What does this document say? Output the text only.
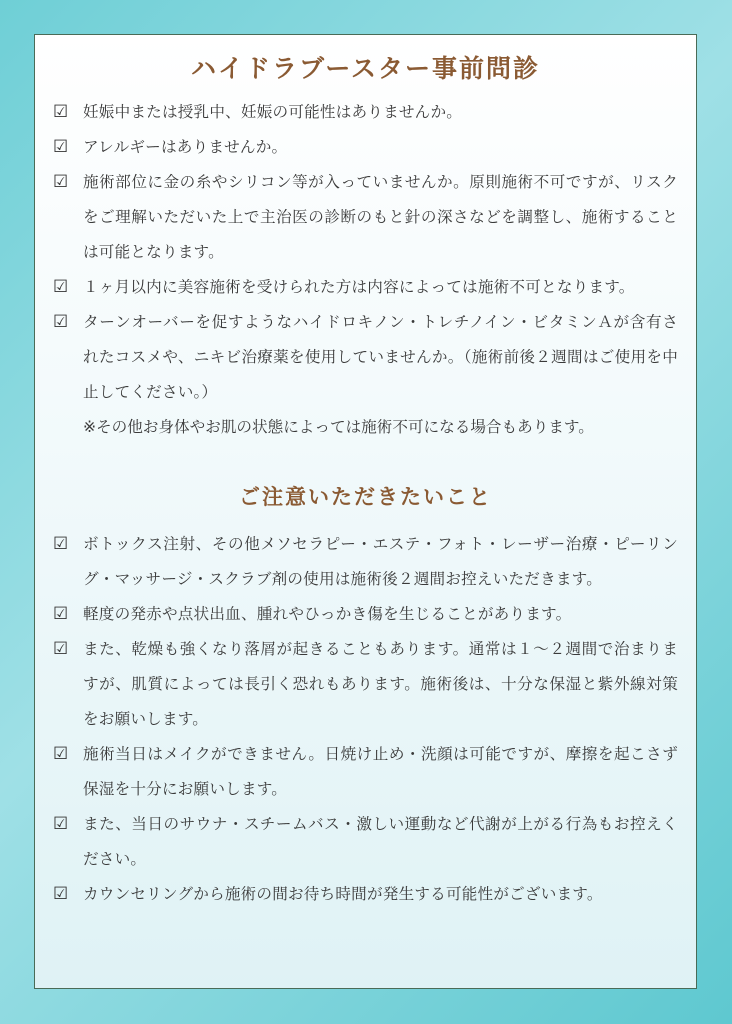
ハイドラブースター事前問診
☑ 妊娠中または授乳中、妊娠の可能性はありませんか。
☑ アレルギーはありませんか。
☑ 施術部位に金の糸やシリコン等が入っていませんか。原則施術不可ですが、リスクをご理解いただいた上で主治医の診断のもと針の深さなどを調整し、施術することは可能となります。
☑ １ヶ月以内に美容施術を受けられた方は内容によっては施術不可となります。
☑ ターンオーバーを促すようなハイドロキノン・トレチノイン・ビタミンＡが含有されたコスメや、ニキビ治療薬を使用していませんか。（施術前後２週間はご使用を中止してください。）
※その他お身体やお肌の状態によっては施術不可になる場合もあります。
ご注意いただきたいこと
☑ ボトックス注射、その他メソセラピー・エステ・フォト・レーザー治療・ピーリング・マッサージ・スクラブ剤の使用は施術後２週間お控えいただきます。
☑ 軽度の発赤や点状出血、腫れやひっかき傷を生じることがあります。
☑ また、乾燥も強くなり落屑が起きることもあります。通常は１～２週間で治まりますが、肌質によっては長引く恐れもあります。施術後は、十分な保湿と紫外線対策をお願いします。
☑ 施術当日はメイクができません。日焼け止め・洗顔は可能ですが、摩擦を起こさず保湿を十分にお願いします。
☑ また、当日のサウナ・スチームバス・激しい運動など代謝が上がる行為もお控えください。
☑ カウンセリングから施術の間お待ち時間が発生する可能性がございます。
